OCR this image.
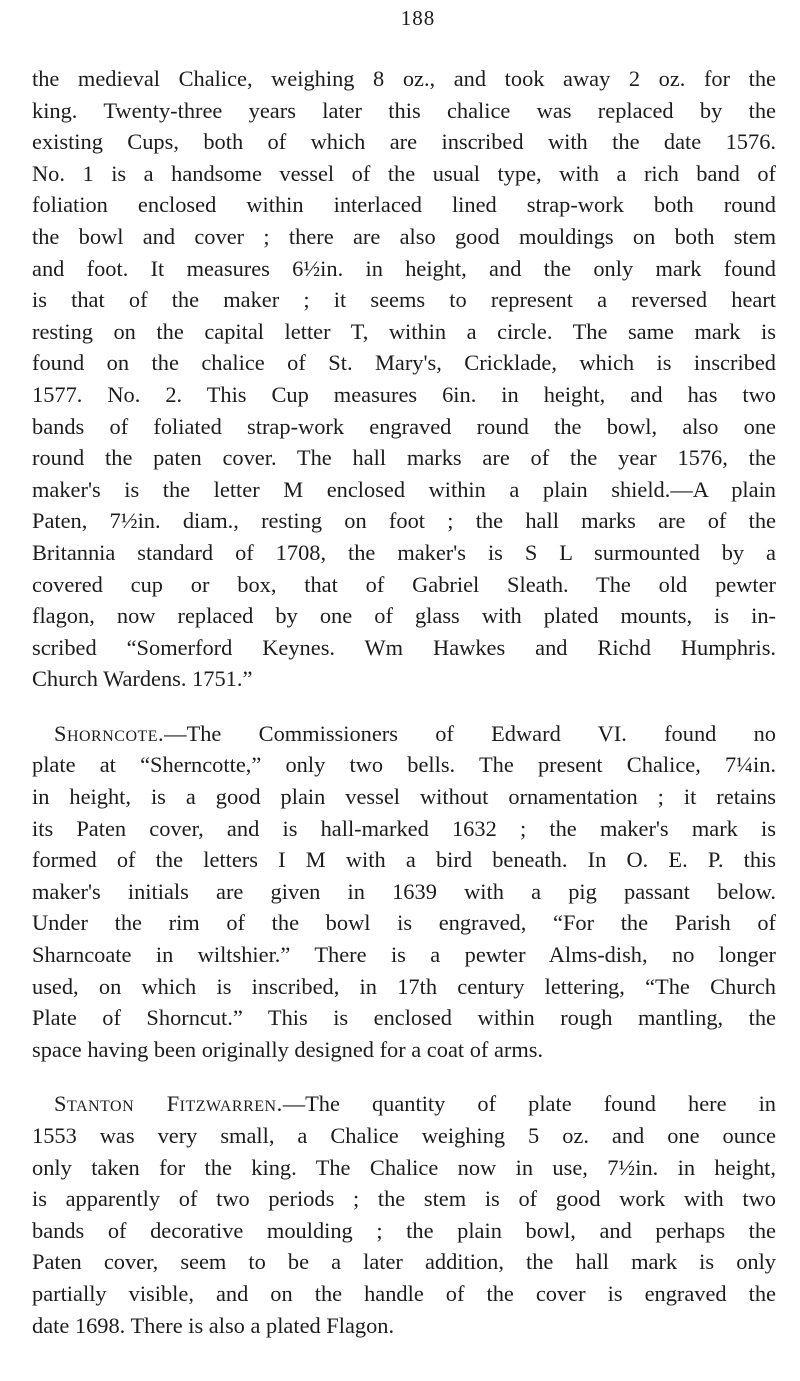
188
the medieval Chalice, weighing 8 oz., and took away 2 oz. for the
king. Twenty-three years later this chalice was replaced by the
existing Cups, both of which are inscribed with the date 1576.
No. 1 is a handsome vessel of the usual type, with a rich band of
foliation enclosed within interlaced lined strap-work both round
the bowl and cover ; there are also good mouldings on both stem
and foot. It measures 6½in. in height, and the only mark found
is that of the maker ; it seems to represent a reversed heart
resting on the capital letter T, within a circle. The same mark is
found on the chalice of St. Mary's, Cricklade, which is inscribed
1577. No. 2. This Cup measures 6in. in height, and has two
bands of foliated strap-work engraved round the bowl, also one
round the paten cover. The hall marks are of the year 1576, the
maker's is the letter M enclosed within a plain shield.—A plain
Paten, 7½in. diam., resting on foot ; the hall marks are of the
Britannia standard of 1708, the maker's is S L surmounted by a
covered cup or box, that of Gabriel Sleath. The old pewter
flagon, now replaced by one of glass with plated mounts, is in-
scribed “Somerford Keynes. Wm Hawkes and Richd Humphris.
Church Wardens. 1751.”
Shorncote.—The Commissioners of Edward VI. found no
plate at “Sherncotte,” only two bells. The present Chalice, 7¼in.
in height, is a good plain vessel without ornamentation ; it retains
its Paten cover, and is hall-marked 1632 ; the maker's mark is
formed of the letters I M with a bird beneath. In O. E. P. this
maker's initials are given in 1639 with a pig passant below.
Under the rim of the bowl is engraved, “For the Parish of
Sharncoate in wiltshier.” There is a pewter Alms-dish, no longer
used, on which is inscribed, in 17th century lettering, “The Church
Plate of Shorncut.” This is enclosed within rough mantling, the
space having been originally designed for a coat of arms.
Stanton Fitzwarren.—The quantity of plate found here in
1553 was very small, a Chalice weighing 5 oz. and one ounce
only taken for the king. The Chalice now in use, 7½in. in height,
is apparently of two periods ; the stem is of good work with two
bands of decorative moulding ; the plain bowl, and perhaps the
Paten cover, seem to be a later addition, the hall mark is only
partially visible, and on the handle of the cover is engraved the
date 1698. There is also a plated Flagon.
